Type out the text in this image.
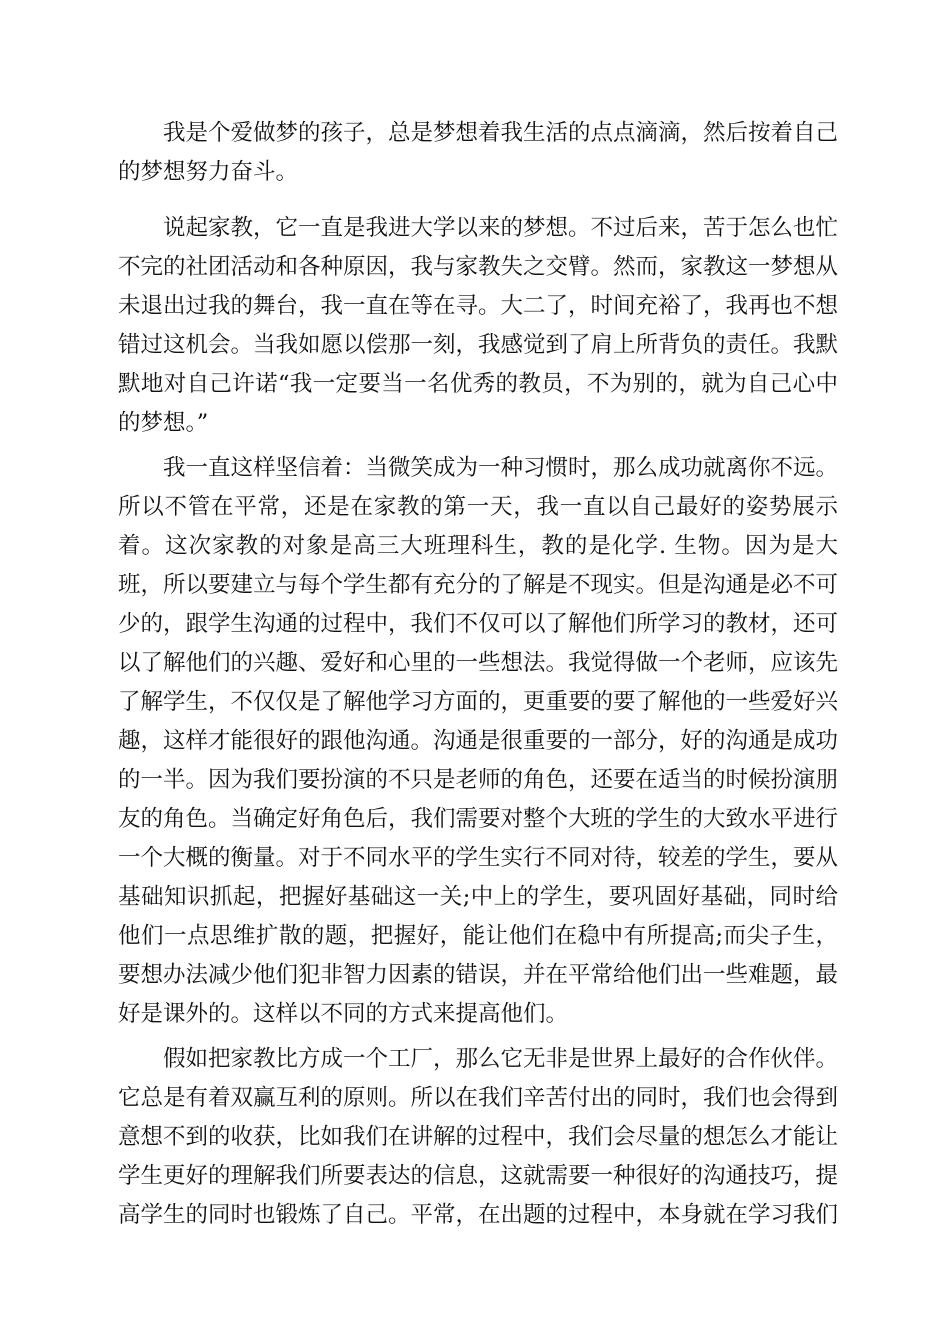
我是个爱做梦的孩子，总是梦想着我生活的点点滴滴，然后按着自己
的梦想努力奋斗。

说起家教，它一直是我进大学以来的梦想。不过后来，苦于怎么也忙
不完的社团活动和各种原因，我与家教失之交臂。然而，家教这一梦想从
未退出过我的舞台，我一直在等在寻。大二了，时间充裕了，我再也不想
错过这机会。当我如愿以偿那一刻，我感觉到了肩上所背负的责任。我默
默地对自己许诺“我一定要当一名优秀的教员，不为别的，就为自己心中
的梦想。”

我一直这样坚信着：当微笑成为一种习惯时，那么成功就离你不远。
所以不管在平常，还是在家教的第一天，我一直以自己最好的姿势展示
着。这次家教的对象是高三大班理科生，教的是化学. 生物。因为是大
班，所以要建立与每个学生都有充分的了解是不现实。但是沟通是必不可
少的，跟学生沟通的过程中，我们不仅可以了解他们所学习的教材，还可
以了解他们的兴趣、爱好和心里的一些想法。我觉得做一个老师，应该先
了解学生，不仅仅是了解他学习方面的，更重要的要了解他的一些爱好兴
趣，这样才能很好的跟他沟通。沟通是很重要的一部分，好的沟通是成功
的一半。因为我们要扮演的不只是老师的角色，还要在适当的时候扮演朋
友的角色。当确定好角色后，我们需要对整个大班的学生的大致水平进行
一个大概的衡量。对于不同水平的学生实行不同对待，较差的学生，要从
基础知识抓起，把握好基础这一关;中上的学生，要巩固好基础，同时给
他们一点思维扩散的题，把握好，能让他们在稳中有所提高;而尖子生，
要想办法减少他们犯非智力因素的错误，并在平常给他们出一些难题，最
好是课外的。这样以不同的方式来提高他们。

假如把家教比方成一个工厂，那么它无非是世界上最好的合作伙伴。
它总是有着双赢互利的原则。所以在我们辛苦付出的同时，我们也会得到
意想不到的收获，比如我们在讲解的过程中，我们会尽量的想怎么才能让
学生更好的理解我们所要表达的信息，这就需要一种很好的沟通技巧，提
高学生的同时也锻炼了自己。平常，在出题的过程中，本身就在学习我们
